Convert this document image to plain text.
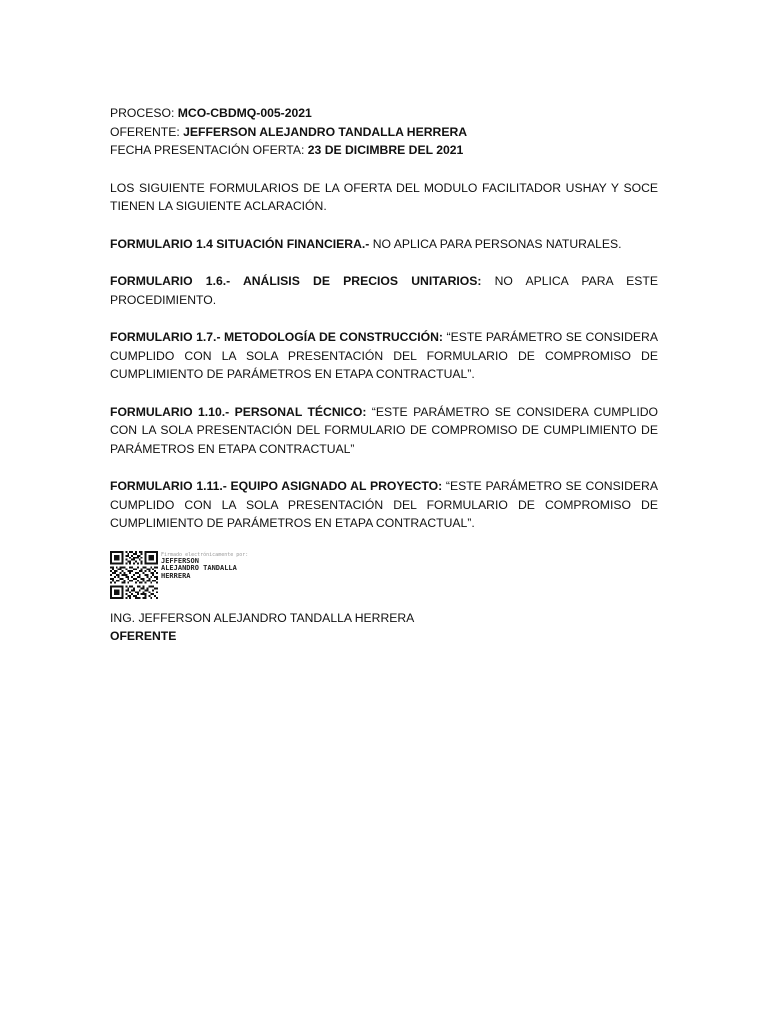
PROCESO: MCO-CBDMQ-005-2021
OFERENTE: JEFFERSON ALEJANDRO TANDALLA HERRERA
FECHA PRESENTACIÓN OFERTA: 23 DE DICIMBRE DEL 2021

LOS SIGUIENTE FORMULARIOS DE LA OFERTA DEL MODULO FACILITADOR USHAY Y SOCE TIENEN LA SIGUIENTE ACLARACIÓN.

FORMULARIO 1.4 SITUACIÓN FINANCIERA.- NO APLICA PARA PERSONAS NATURALES.

FORMULARIO 1.6.- ANÁLISIS DE PRECIOS UNITARIOS: NO APLICA PARA ESTE PROCEDIMIENTO.

FORMULARIO 1.7.- METODOLOGÍA DE CONSTRUCCIÓN: “ESTE PARÁMETRO SE CONSIDERA CUMPLIDO CON LA SOLA PRESENTACIÓN DEL FORMULARIO DE COMPROMISO DE CUMPLIMIENTO DE PARÁMETROS EN ETAPA CONTRACTUAL”.

FORMULARIO 1.10.- PERSONAL TÉCNICO: “ESTE PARÁMETRO SE CONSIDERA CUMPLIDO CON LA SOLA PRESENTACIÓN DEL FORMULARIO DE COMPROMISO DE CUMPLIMIENTO DE PARÁMETROS EN ETAPA CONTRACTUAL”

FORMULARIO 1.11.- EQUIPO ASIGNADO AL PROYECTO: “ESTE PARÁMETRO SE CONSIDERA CUMPLIDO CON LA SOLA PRESENTACIÓN DEL FORMULARIO DE COMPROMISO DE CUMPLIMIENTO DE PARÁMETROS EN ETAPA CONTRACTUAL”.

Firmado electrónicamente por:
JEFFERSON
ALEJANDRO TANDALLA
HERRERA
ING. JEFFERSON ALEJANDRO TANDALLA HERRERA
OFERENTE
